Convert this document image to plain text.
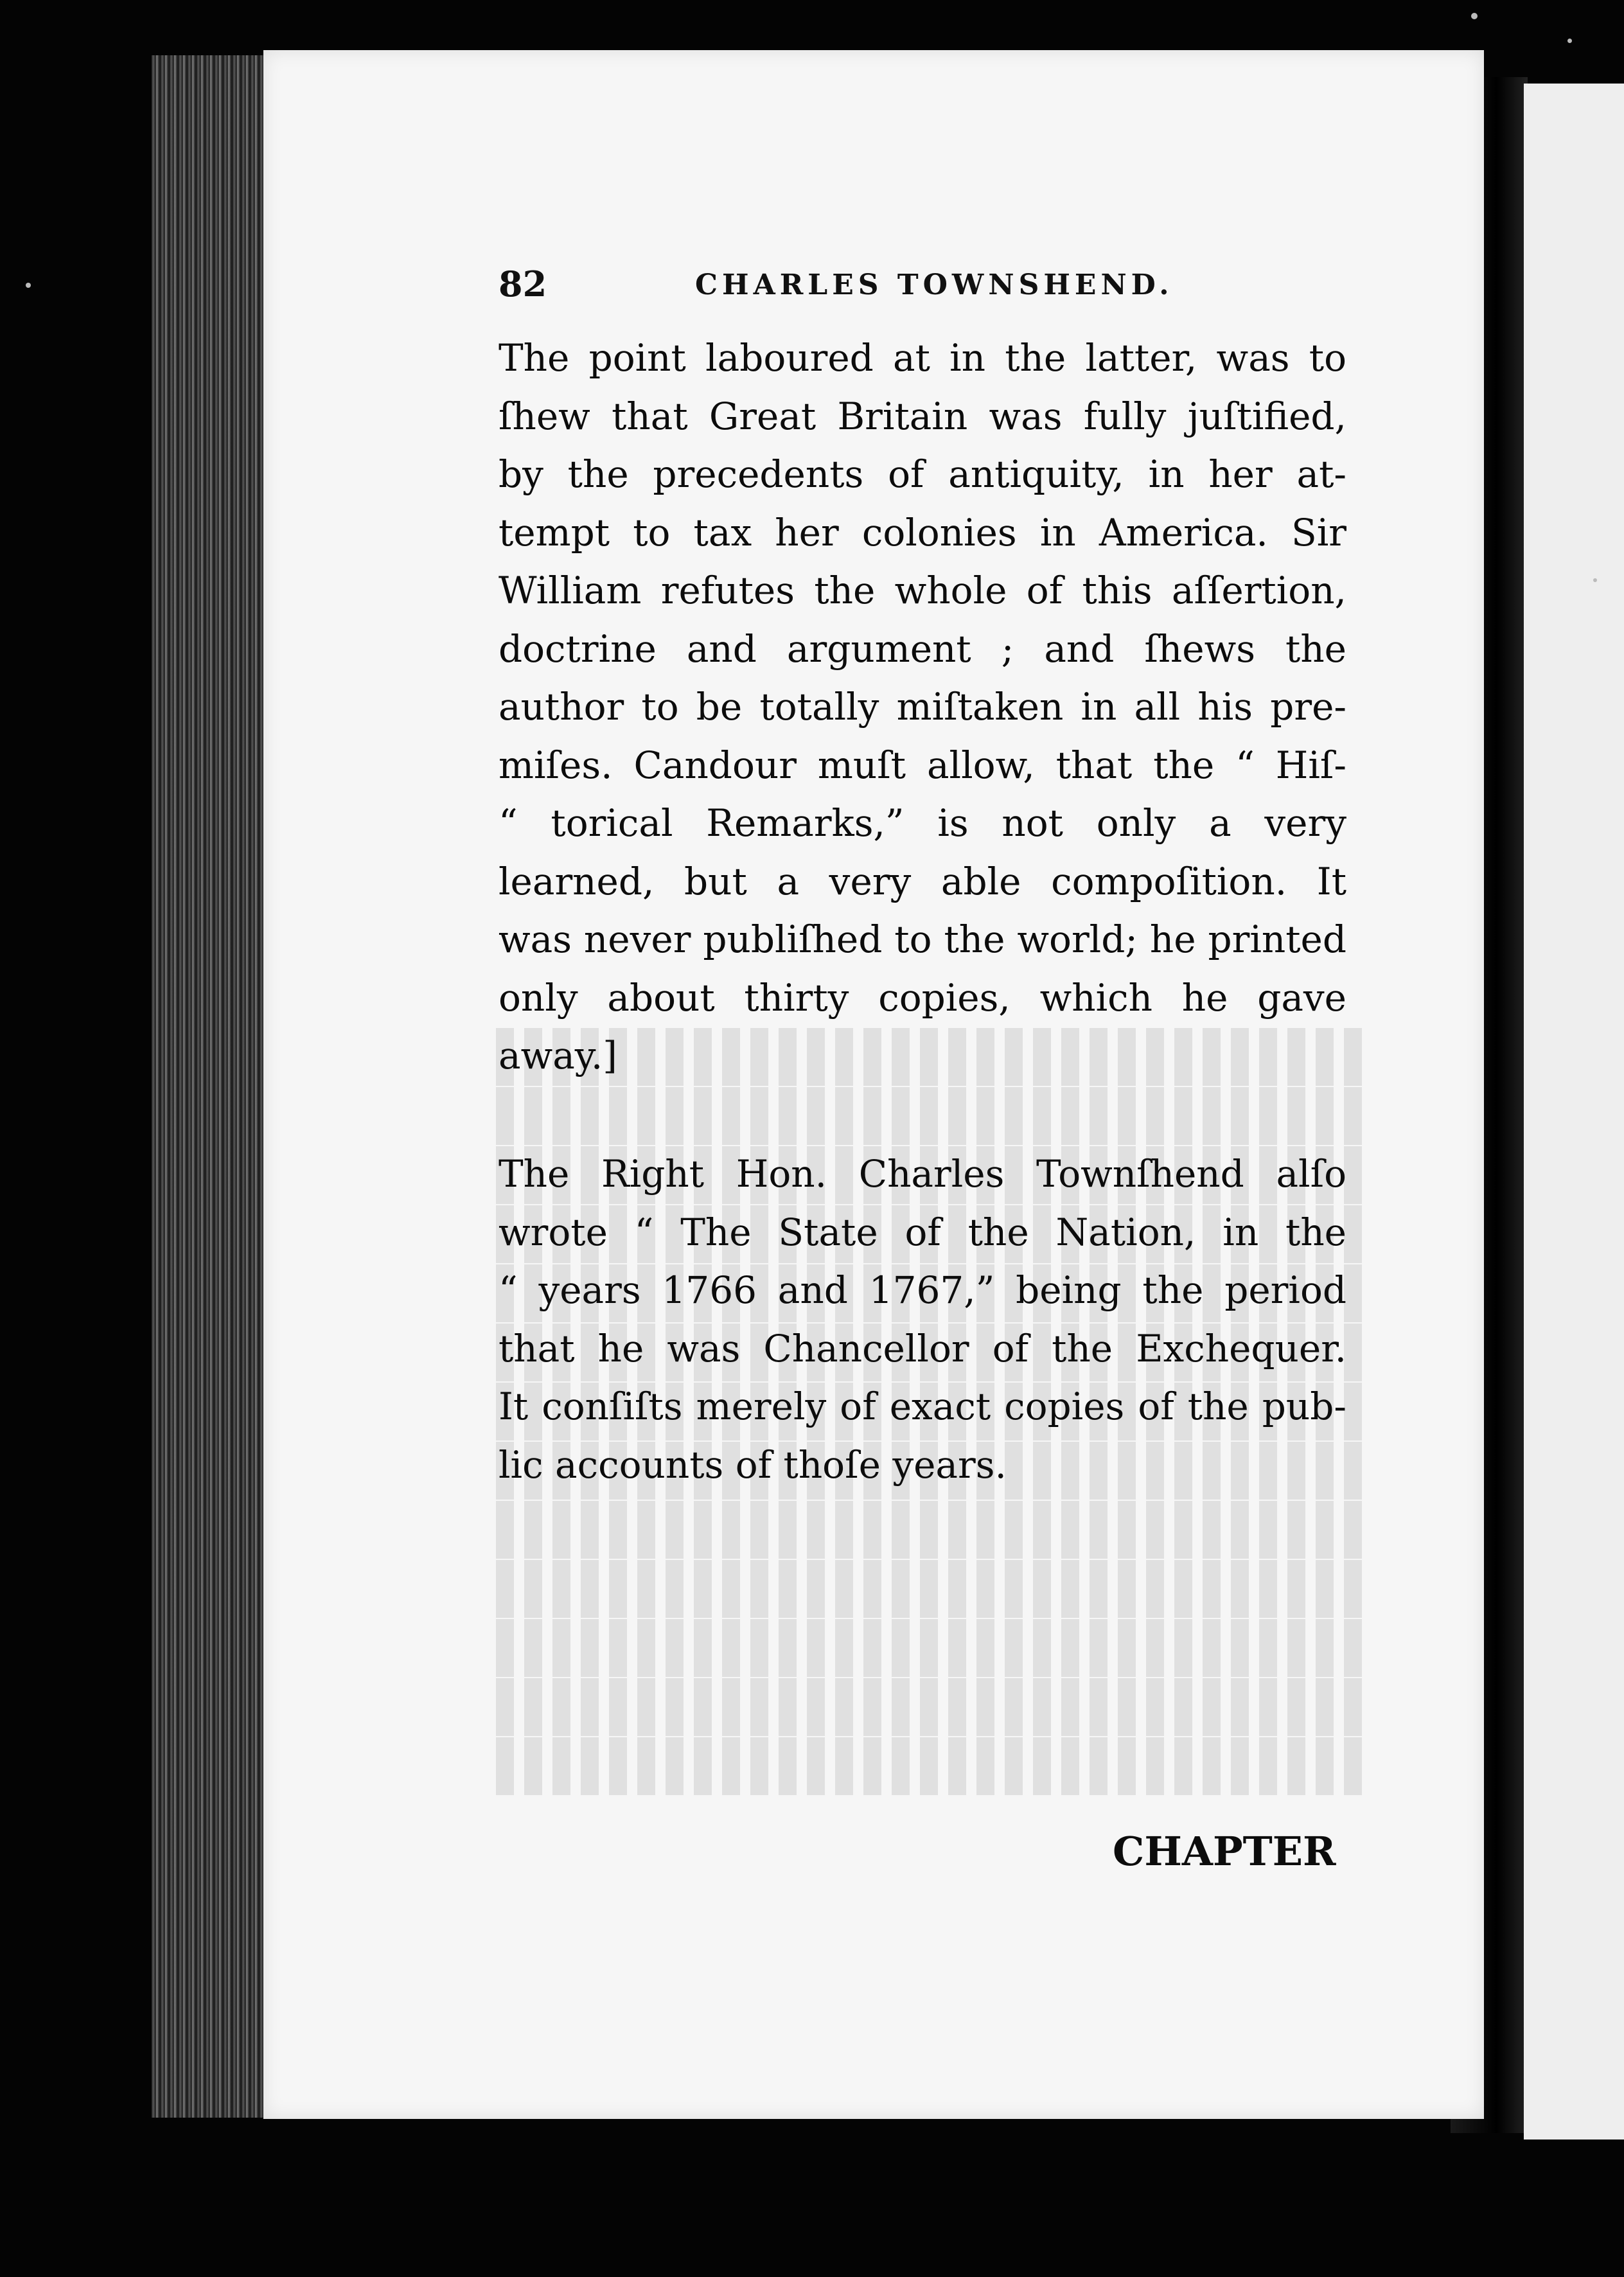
82	CHARLES TOWNSHEND.
The point laboured at in the latter, was to
ſhew that Great Britain was fully juſtified,
by the precedents of antiquity, in her at-
tempt to tax her colonies in America. Sir
William refutes the whole of this aſſertion,
doctrine and argument ; and ſhews the
author to be totally miſtaken in all his pre-
miſes. Candour muſt allow, that the “ Hiſ-
“ torical Remarks,” is not only a very
learned, but a very able compoſition. It
was never publiſhed to the world; he printed
only about thirty copies, which he gave
away.]
The Right Hon. Charles Townſhend alſo
wrote “ The State of the Nation, in the
“ years 1766 and 1767,” being the period
that he was Chancellor of the Exchequer.
It conſiſts merely of exact copies of the pub-
lic accounts of thoſe years.
CHAPTER
